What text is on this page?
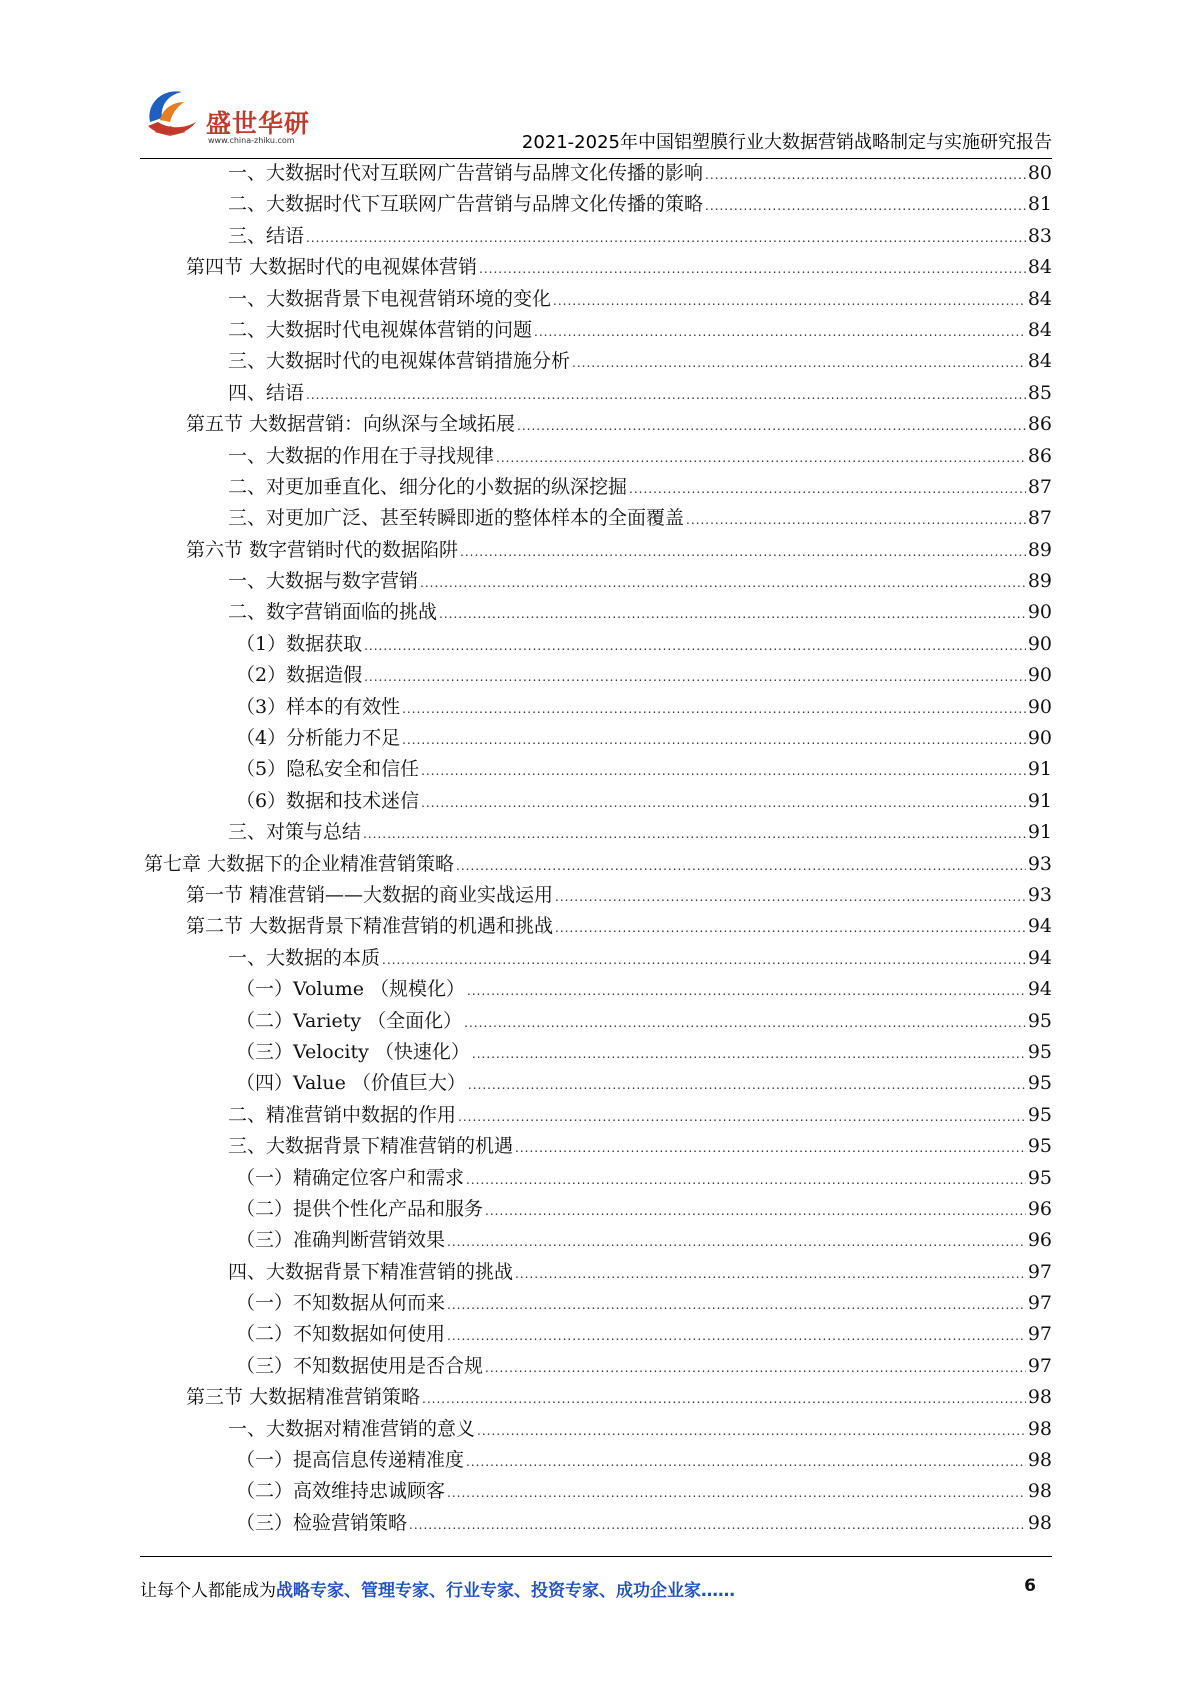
盛世华研
www.china-zhiku.com	2021-2025年中国铝塑膜行业大数据营销战略制定与实施研究报告
一、大数据时代对互联网广告营销与品牌文化传播的影响 .....	80
二、大数据时代下互联网广告营销与品牌文化传播的策略 .....	81
三、结语 .....	83
第四节 大数据时代的电视媒体营销 .....	84
一、大数据背景下电视营销环境的变化 .....	84
二、大数据时代电视媒体营销的问题 .....	84
三、大数据时代的电视媒体营销措施分析 .....	84
四、结语 .....	85
第五节 大数据营销：向纵深与全域拓展 .....	86
一、大数据的作用在于寻找规律 .....	86
二、对更加垂直化、细分化的小数据的纵深挖掘 .....	87
三、对更加广泛、甚至转瞬即逝的整体样本的全面覆盖 .....	87
第六节 数字营销时代的数据陷阱 .....	89
一、大数据与数字营销 .....	89
二、数字营销面临的挑战 .....	90
（1）数据获取 .....	90
（2）数据造假 .....	90
（3）样本的有效性 .....	90
（4）分析能力不足 .....	90
（5）隐私安全和信任 .....	91
（6）数据和技术迷信 .....	91
三、对策与总结 .....	91
第七章 大数据下的企业精准营销策略 .....	93
第一节 精准营销——大数据的商业实战运用 .....	93
第二节 大数据背景下精准营销的机遇和挑战 .....	94
一、大数据的本质 .....	94
（一）Volume （规模化） .....	94
（二）Variety （全面化） .....	95
（三）Velocity （快速化） .....	95
（四）Value （价值巨大） .....	95
二、精准营销中数据的作用 .....	95
三、大数据背景下精准营销的机遇 .....	95
（一）精确定位客户和需求 .....	95
（二）提供个性化产品和服务 .....	96
（三）准确判断营销效果 .....	96
四、大数据背景下精准营销的挑战 .....	97
（一）不知数据从何而来 .....	97
（二）不知数据如何使用 .....	97
（三）不知数据使用是否合规 .....	97
第三节 大数据精准营销策略 .....	98
一、大数据对精准营销的意义 .....	98
（一）提高信息传递精准度 .....	98
（二）高效维持忠诚顾客 .....	98
（三）检验营销策略 .....	98
让每个人都能成为战略专家、管理专家、行业专家、投资专家、成功企业家……	6
